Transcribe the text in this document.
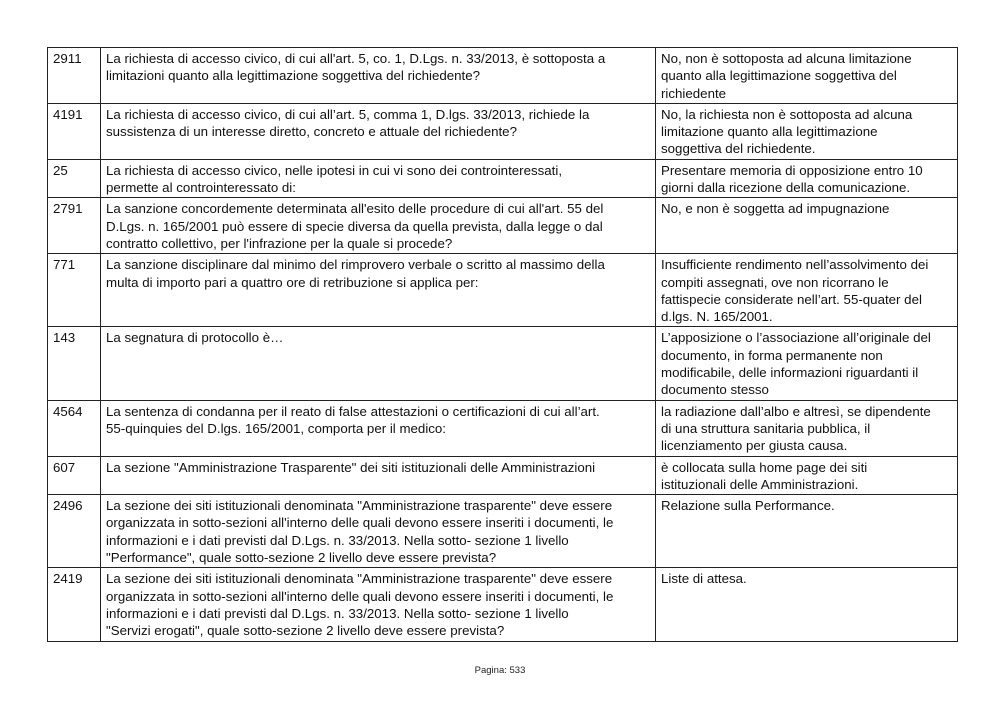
2911	La richiesta di accesso civico, di cui all'art. 5, co. 1, D.Lgs. n. 33/2013, è sottoposta a
limitazioni quanto alla legittimazione soggettiva del richiedente?	No, non è sottoposta ad alcuna limitazione
quanto alla legittimazione soggettiva del
richiedente
4191	La richiesta di accesso civico, di cui all’art. 5, comma 1, D.lgs. 33/2013, richiede la
sussistenza di un interesse diretto, concreto e attuale del richiedente?	No, la richiesta non è sottoposta ad alcuna
limitazione quanto alla legittimazione
soggettiva del richiedente.
25	La richiesta di accesso civico, nelle ipotesi in cui vi sono dei controinteressati,
permette al controinteressato di:	Presentare memoria di opposizione entro 10
giorni dalla ricezione della comunicazione.
2791	La sanzione concordemente determinata all'esito delle procedure di cui all'art. 55 del
D.Lgs. n. 165/2001 può essere di specie diversa da quella prevista, dalla legge o dal
contratto collettivo, per l'infrazione per la quale si procede?	No, e non è soggetta ad impugnazione
771	La sanzione disciplinare dal minimo del rimprovero verbale o scritto al massimo della
multa di importo pari a quattro ore di retribuzione si applica per:	Insufficiente rendimento nell’assolvimento dei
compiti assegnati, ove non ricorrano le
fattispecie considerate nell’art. 55-quater del
d.lgs. N. 165/2001.
143	La segnatura di protocollo è…	L’apposizione o l’associazione all’originale del
documento, in forma permanente non
modificabile, delle informazioni riguardanti il
documento stesso
4564	La sentenza di condanna per il reato di false attestazioni o certificazioni di cui all’art.
55-quinquies del D.lgs. 165/2001, comporta per il medico:	la radiazione dall’albo e altresì, se dipendente
di una struttura sanitaria pubblica, il
licenziamento per giusta causa.
607	La sezione "Amministrazione Trasparente" dei siti istituzionali delle Amministrazioni	è collocata sulla home page dei siti
istituzionali delle Amministrazioni.
2496	La sezione dei siti istituzionali denominata "Amministrazione trasparente" deve essere
organizzata in sotto-sezioni all'interno delle quali devono essere inseriti i documenti, le
informazioni e i dati previsti dal D.Lgs. n. 33/2013. Nella sotto- sezione 1 livello
"Performance", quale sotto-sezione 2 livello deve essere prevista?	Relazione sulla Performance.
2419	La sezione dei siti istituzionali denominata "Amministrazione trasparente" deve essere
organizzata in sotto-sezioni all'interno delle quali devono essere inseriti i documenti, le
informazioni e i dati previsti dal D.Lgs. n. 33/2013. Nella sotto- sezione 1 livello
"Servizi erogati", quale sotto-sezione 2 livello deve essere prevista?	Liste di attesa.
Pagina: 533
